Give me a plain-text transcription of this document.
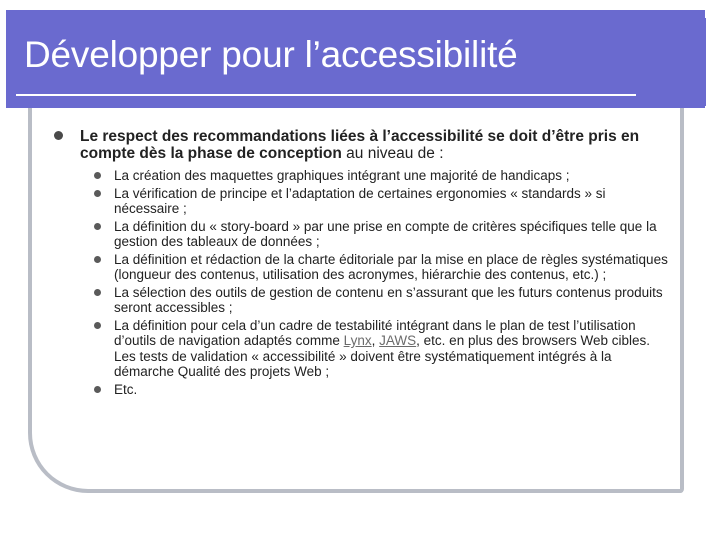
Développer pour l’accessibilité
Le respect des recommandations liées à l’accessibilité se doit d’être pris en compte dès la phase de conception au niveau de :
La création des maquettes graphiques intégrant une majorité de handicaps ;
La vérification de principe et l’adaptation de certaines ergonomies « standards » si nécessaire ;
La définition du « story-board » par une prise en compte de critères spécifiques telle que la gestion des tableaux de données ;
La définition et rédaction de la charte éditoriale par la mise en place de règles systématiques (longueur des contenus, utilisation des acronymes, hiérarchie des contenus, etc.) ;
La sélection des outils de gestion de contenu en s’assurant que les futurs contenus produits seront accessibles ;
La définition pour cela d’un cadre de testabilité intégrant dans le plan de test l’utilisation d’outils de navigation adaptés comme Lynx, JAWS, etc. en plus des browsers Web cibles. Les tests de validation « accessibilité » doivent être systématiquement intégrés à la démarche Qualité des projets Web ;
Etc.
